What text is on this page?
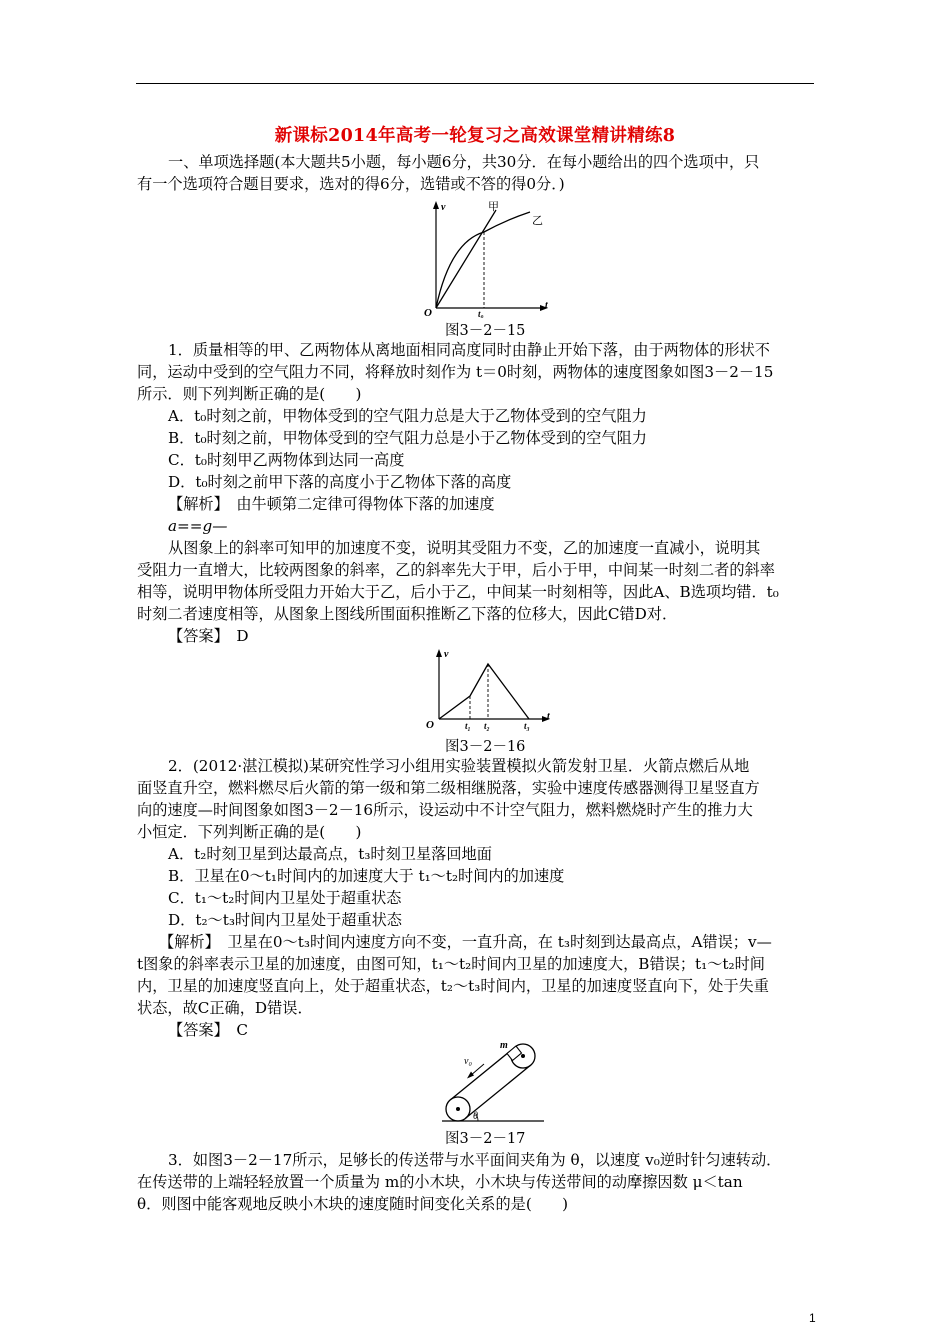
新课标2014年高考一轮复习之高效课堂精讲精练8
一、单项选择题(本大题共5小题，每小题6分，共30分．在每小题给出的四个选项中，只
有一个选项符合题目要求，选对的得6分，选错或不答的得0分．)
v
t
O	t₀
甲
乙
图3－2－15
1．质量相等的甲、乙两物体从离地面相同高度同时由静止开始下落，由于两物体的形状不
同，运动中受到的空气阻力不同，将释放时刻作为 t＝0时刻，两物体的速度图象如图3－2－15
所示．则下列判断正确的是(　　)
A．t₀时刻之前，甲物体受到的空气阻力总是大于乙物体受到的空气阻力
B．t₀时刻之前，甲物体受到的空气阻力总是小于乙物体受到的空气阻力
C．t₀时刻甲乙两物体到达同一高度
D．t₀时刻之前甲下落的高度小于乙物体下落的高度
【解析】　由牛顿第二定律可得物体下落的加速度
a==g—
从图象上的斜率可知甲的加速度不变，说明其受阻力不变，乙的加速度一直减小，说明其
受阻力一直增大，比较两图象的斜率，乙的斜率先大于甲，后小于甲，中间某一时刻二者的斜率
相等，说明甲物体所受阻力开始大于乙，后小于乙，中间某一时刻相等，因此A、B选项均错．t₀
时刻二者速度相等，从图象上图线所围面积推断乙下落的位移大，因此C错D对．
【答案】　D
v
t
O	t₁ t₂	t₃
图3－2－16
2．(2012·湛江模拟)某研究性学习小组用实验装置模拟火箭发射卫星．火箭点燃后从地
面竖直升空，燃料燃尽后火箭的第一级和第二级相继脱落，实验中速度传感器测得卫星竖直方
向的速度—时间图象如图3－2－16所示，设运动中不计空气阻力，燃料燃烧时产生的推力大
小恒定．下列判断正确的是(　　)
A．t₂时刻卫星到达最高点，t₃时刻卫星落回地面
B．卫星在0～t₁时间内的加速度大于 t₁～t₂时间内的加速度
C．t₁～t₂时间内卫星处于超重状态
D．t₂～t₃时间内卫星处于超重状态
【解析】　卫星在0～t₃时间内速度方向不变，一直升高，在 t₃时刻到达最高点，A错误；v—
t图象的斜率表示卫星的加速度，由图可知，t₁～t₂时间内卫星的加速度大，B错误；t₁～t₂时间
内，卫星的加速度竖直向上，处于超重状态，t₂～t₃时间内，卫星的加速度竖直向下，处于失重
状态，故C正确，D错误．
【答案】　C
m
v₀
θ
图3－2－17
3．如图3－2－17所示，足够长的传送带与水平面间夹角为 θ，以速度 v₀逆时针匀速转动．
在传送带的上端轻轻放置一个质量为 m的小木块，小木块与传送带间的动摩擦因数 μ＜tan
θ．则图中能客观地反映小木块的速度随时间变化关系的是(　　)
1
